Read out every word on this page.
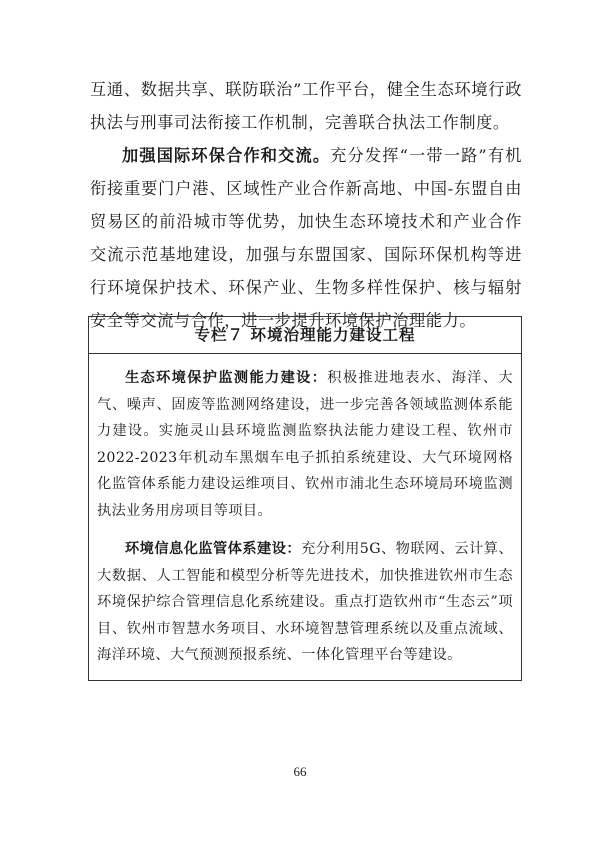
互通、数据共享、联防联治”工作平台，健全生态环境行政执法与刑事司法衔接工作机制，完善联合执法工作制度。

加强国际环保合作和交流。充分发挥“一带一路”有机衔接重要门户港、区域性产业合作新高地、中国-东盟自由贸易区的前沿城市等优势，加快生态环境技术和产业合作交流示范基地建设，加强与东盟国家、国际环保机构等进行环境保护技术、环保产业、生物多样性保护、核与辐射安全等交流与合作，进一步提升环境保护治理能力。

专栏７ 环境治理能力建设工程

生态环境保护监测能力建设：积极推进地表水、海洋、大气、噪声、固废等监测网络建设，进一步完善各领域监测体系能力建设。实施灵山县环境监测监察执法能力建设工程、钦州市2022-2023年机动车黑烟车电子抓拍系统建设、大气环境网格化监管体系能力建设运维项目、钦州市浦北生态环境局环境监测执法业务用房项目等项目。

环境信息化监管体系建设：充分利用5G、物联网、云计算、大数据、人工智能和模型分析等先进技术，加快推进钦州市生态环境保护综合管理信息化系统建设。重点打造钦州市“生态云”项目、钦州市智慧水务项目、水环境智慧管理系统以及重点流域、海洋环境、大气预测预报系统、一体化管理平台等建设。

66
